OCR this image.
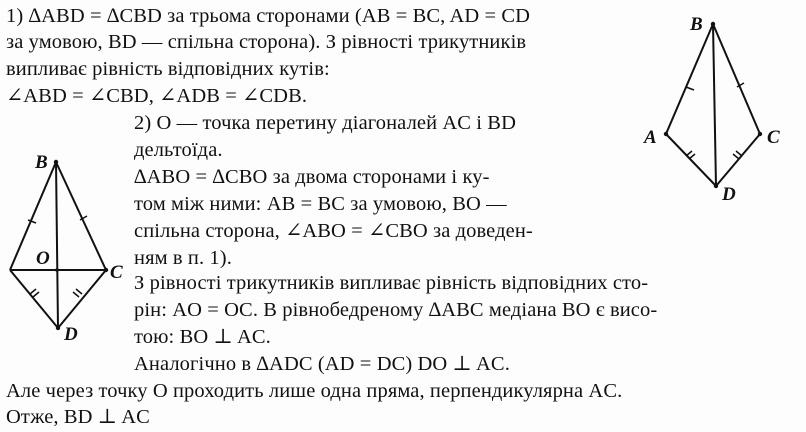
1) ∆ABD = ∆CBD за трьома сторонами (AB = BC, AD = CD
за умовою, BD — спільна сторона). З рівності трикутників
випливає рівність відповідних кутів:
∠ABD = ∠CBD, ∠ADB = ∠CDB.
2) O — точка перетину діагоналей AC і BD
дельтоїда.
∆ABO = ∆CBO за двома сторонами і ку-
том між ними: AB = BC за умовою, BO —
спільна сторона, ∠ABO = ∠CBO за доведен-
ням в п. 1).
З рівності трикутників випливає рівність відповідних сто-
рін: AO = OC. В рівнобедреному ∆ABC медіана BO є висо-
тою: BO ⊥ AC.
Аналогічно в ∆ADC (AD = DC) DO ⊥ AC.
Але через точку O проходить лише одна пряма, перпендикулярна AC.
Отже, BD ⊥ AC
B
O
C
D
B
A	C
D
